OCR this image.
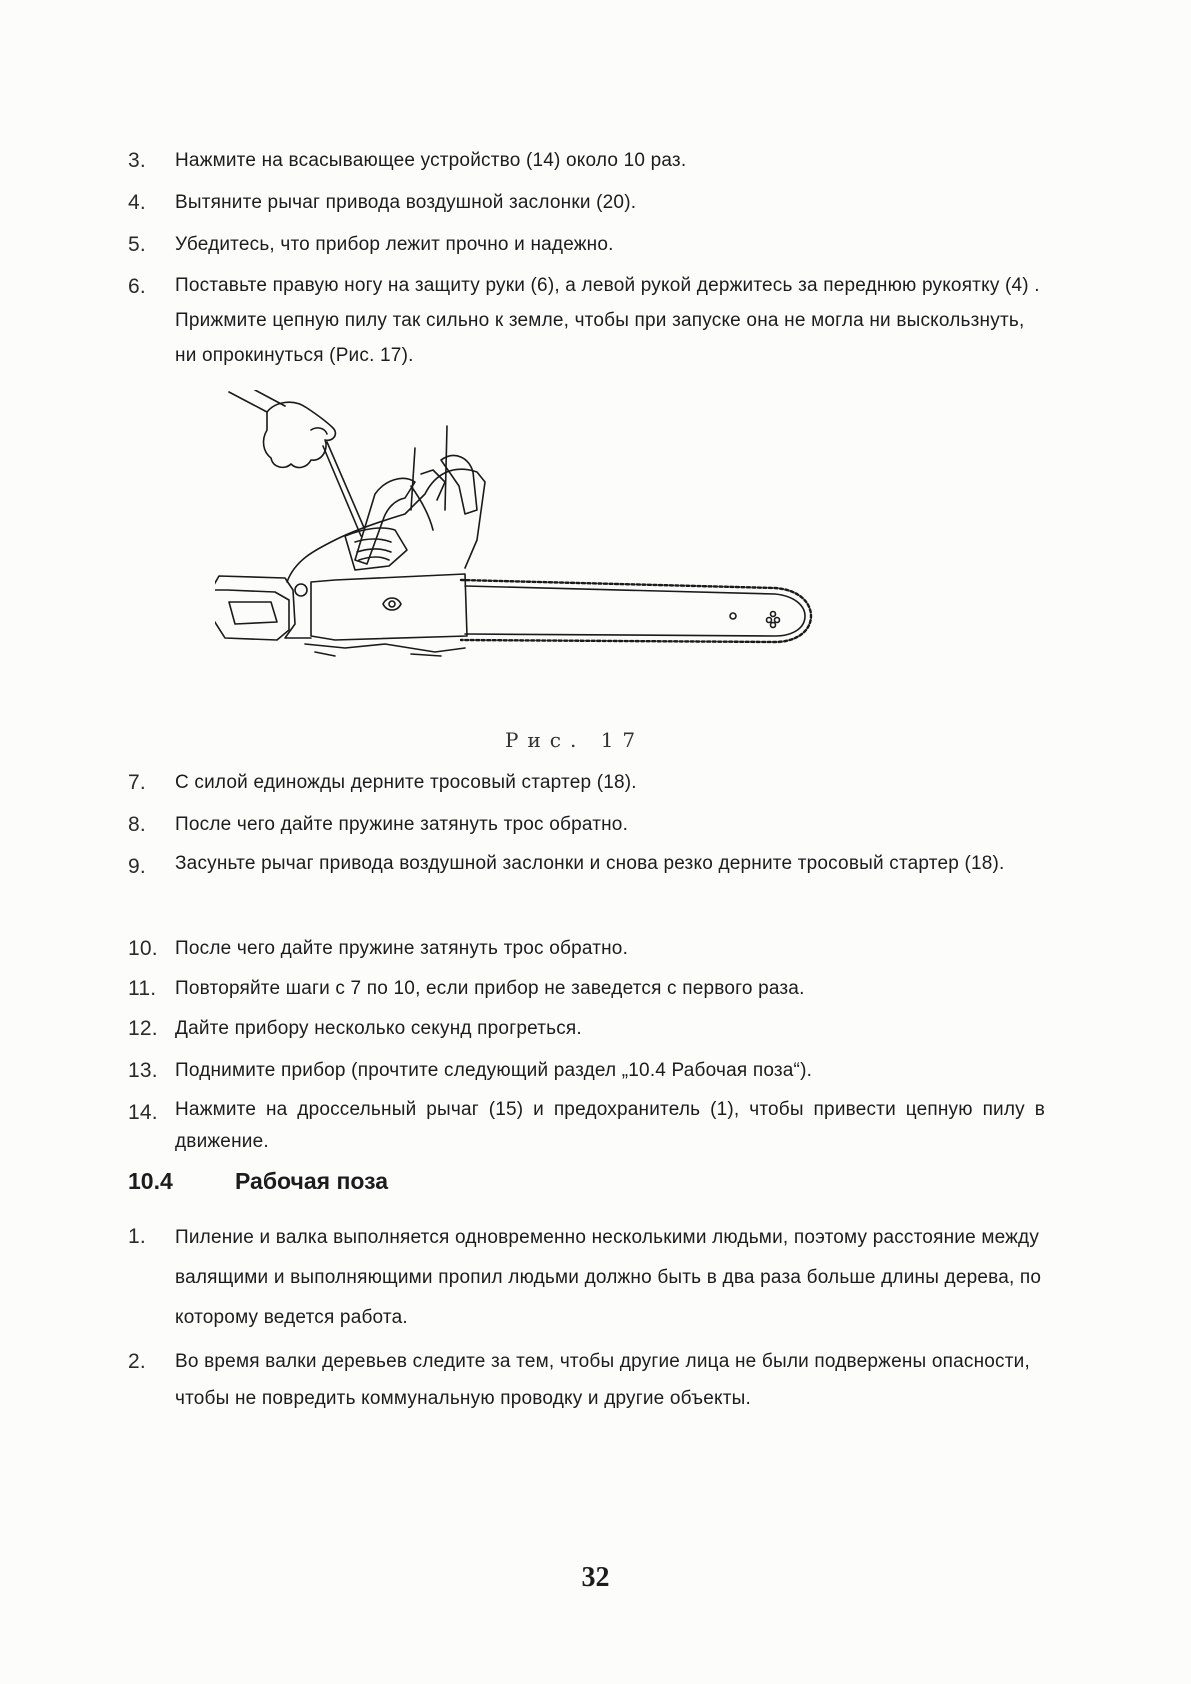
3.	Нажмите на всасывающее устройство (14) около 10 раз.
4.	Вытяните рычаг привода воздушной заслонки (20).
5.	Убедитесь, что прибор лежит прочно и надежно.
6.	Поставьте правую ногу на защиту руки (6), а левой рукой держитесь за переднюю рукоятку (4) . Прижмите цепную пилу так сильно к земле, чтобы при запуске она не могла ни выскользнуть, ни опрокинуться (Рис. 17).
Рис. 17
7.	С силой единожды дерните тросовый стартер (18).
8.	После чего дайте пружине затянуть трос обратно.
9.	Засуньте рычаг привода воздушной заслонки и снова резко дерните тросовый стартер (18).
10. После чего дайте пружине затянуть трос обратно.
11. Повторяйте шаги с 7 по 10, если прибор не заведется с первого раза.
12. Дайте прибору несколько секунд прогреться.
13. Поднимите прибор (прочтите следующий раздел „10.4 Рабочая поза“).
14. Нажмите на дроссельный рычаг (15) и предохранитель (1), чтобы привести цепную пилу в движение.
10.4	Рабочая поза
1.	Пиление и валка выполняется одновременно несколькими людьми, поэтому расстояние между валящими и выполняющими пропил людьми должно быть в два раза больше длины дерева, по которому ведется работа.
2.	Во время валки деревьев следите за тем, чтобы другие лица не были подвержены опасности, чтобы не повредить коммунальную проводку и другие объекты.
32
